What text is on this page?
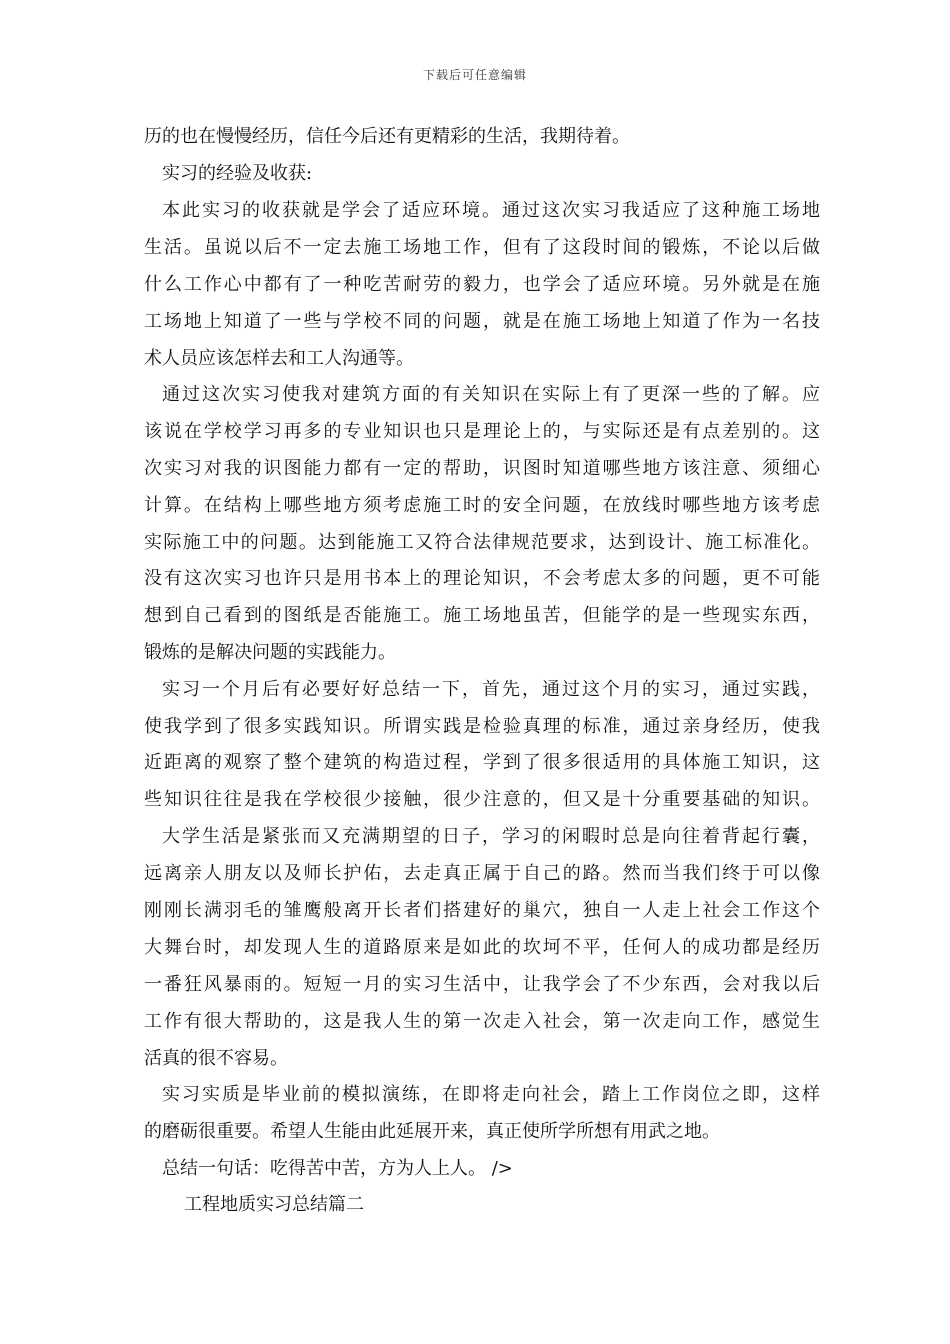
下载后可任意编辑
历的也在慢慢经历，信任今后还有更精彩的生活，我期待着。
实习的经验及收获:
本此实习的收获就是学会了适应环境。通过这次实习我适应了这种施工场地
生活。虽说以后不一定去施工场地工作，但有了这段时间的锻炼，不论以后做
什么工作心中都有了一种吃苦耐劳的毅力，也学会了适应环境。另外就是在施
工场地上知道了一些与学校不同的问题，就是在施工场地上知道了作为一名技
术人员应该怎样去和工人沟通等。
通过这次实习使我对建筑方面的有关知识在实际上有了更深一些的了解。应
该说在学校学习再多的专业知识也只是理论上的，与实际还是有点差别的。这
次实习对我的识图能力都有一定的帮助，识图时知道哪些地方该注意、须细心
计算。在结构上哪些地方须考虑施工时的安全问题，在放线时哪些地方该考虑
实际施工中的问题。达到能施工又符合法律规范要求，达到设计、施工标准化。
没有这次实习也许只是用书本上的理论知识，不会考虑太多的问题，更不可能
想到自己看到的图纸是否能施工。施工场地虽苦，但能学的是一些现实东西，
锻炼的是解决问题的实践能力。
实习一个月后有必要好好总结一下，首先，通过这个月的实习，通过实践，
使我学到了很多实践知识。所谓实践是检验真理的标准，通过亲身经历，使我
近距离的观察了整个建筑的构造过程，学到了很多很适用的具体施工知识，这
些知识往往是我在学校很少接触，很少注意的，但又是十分重要基础的知识。
大学生活是紧张而又充满期望的日子，学习的闲暇时总是向往着背起行囊，
远离亲人朋友以及师长护佑，去走真正属于自己的路。然而当我们终于可以像
刚刚长满羽毛的雏鹰般离开长者们搭建好的巢穴，独自一人走上社会工作这个
大舞台时，却发现人生的道路原来是如此的坎坷不平，任何人的成功都是经历
一番狂风暴雨的。短短一月的实习生活中，让我学会了不少东西，会对我以后
工作有很大帮助的，这是我人生的第一次走入社会，第一次走向工作，感觉生
活真的很不容易。
实习实质是毕业前的模拟演练，在即将走向社会，踏上工作岗位之即，这样
的磨砺很重要。希望人生能由此延展开来，真正使所学所想有用武之地。
总结一句话：吃得苦中苦，方为人上人。 />
工程地质实习总结篇二
